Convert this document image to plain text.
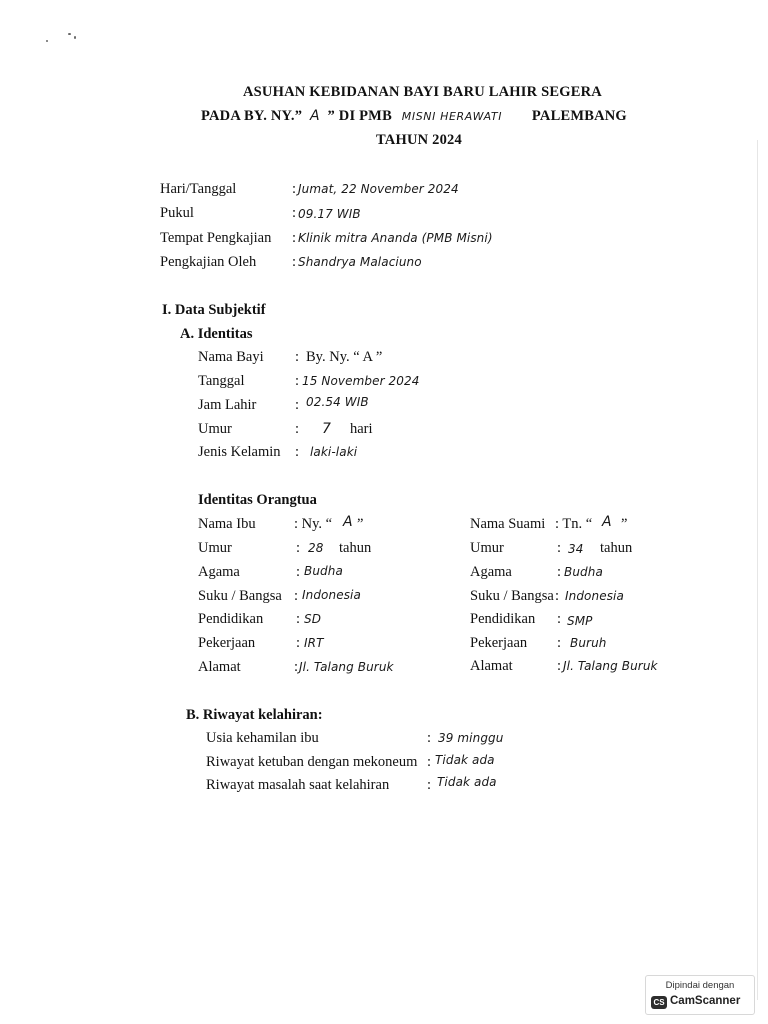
ASUHAN KEBIDANAN BAYI BARU LAHIR SEGERA
PADA BY. NY.” A ” DI PMB MISNI HERAWATI PALEMBANG
TAHUN 2024
Hari/Tanggal	: Jumat, 22 November 2024
Pukul	: 09.17 WIB
Tempat Pengkajian : Klinik mitra Ananda (PMB Misni)
Pengkajian Oleh : Shandrya Malaciuno
I. Data Subjektif
A. Identitas
Nama Bayi : By. Ny. “ A ”
Tanggal	: 15 November 2024
Jam Lahir	: 02.54 WIB
Umur	: 7 hari
Jenis Kelamin : laki-laki
Identitas Orangtua
Nama Ibu	: Ny. “ A ”
Umur	: 28 tahun
Agama	: Budha
Suku / Bangsa : Indonesia
Pendidikan : SD
Pekerjaan	: IRT
Alamat	: Jl. Talang Buruk
Nama Suami : Tn. “ A ”
Umur	: 34 tahun
Agama	: Budha
Suku / Bangsa : Indonesia
Pendidikan : SMP
Pekerjaan : Buruh
Alamat	: Jl. Talang Buruk
B. Riwayat kelahiran:
Usia kehamilan ibu	: 39 minggu
Riwayat ketuban dengan mekoneum : Tidak ada
Riwayat masalah saat kelahiran	: Tidak ada
Dipindai dengan
CS CamScanner
